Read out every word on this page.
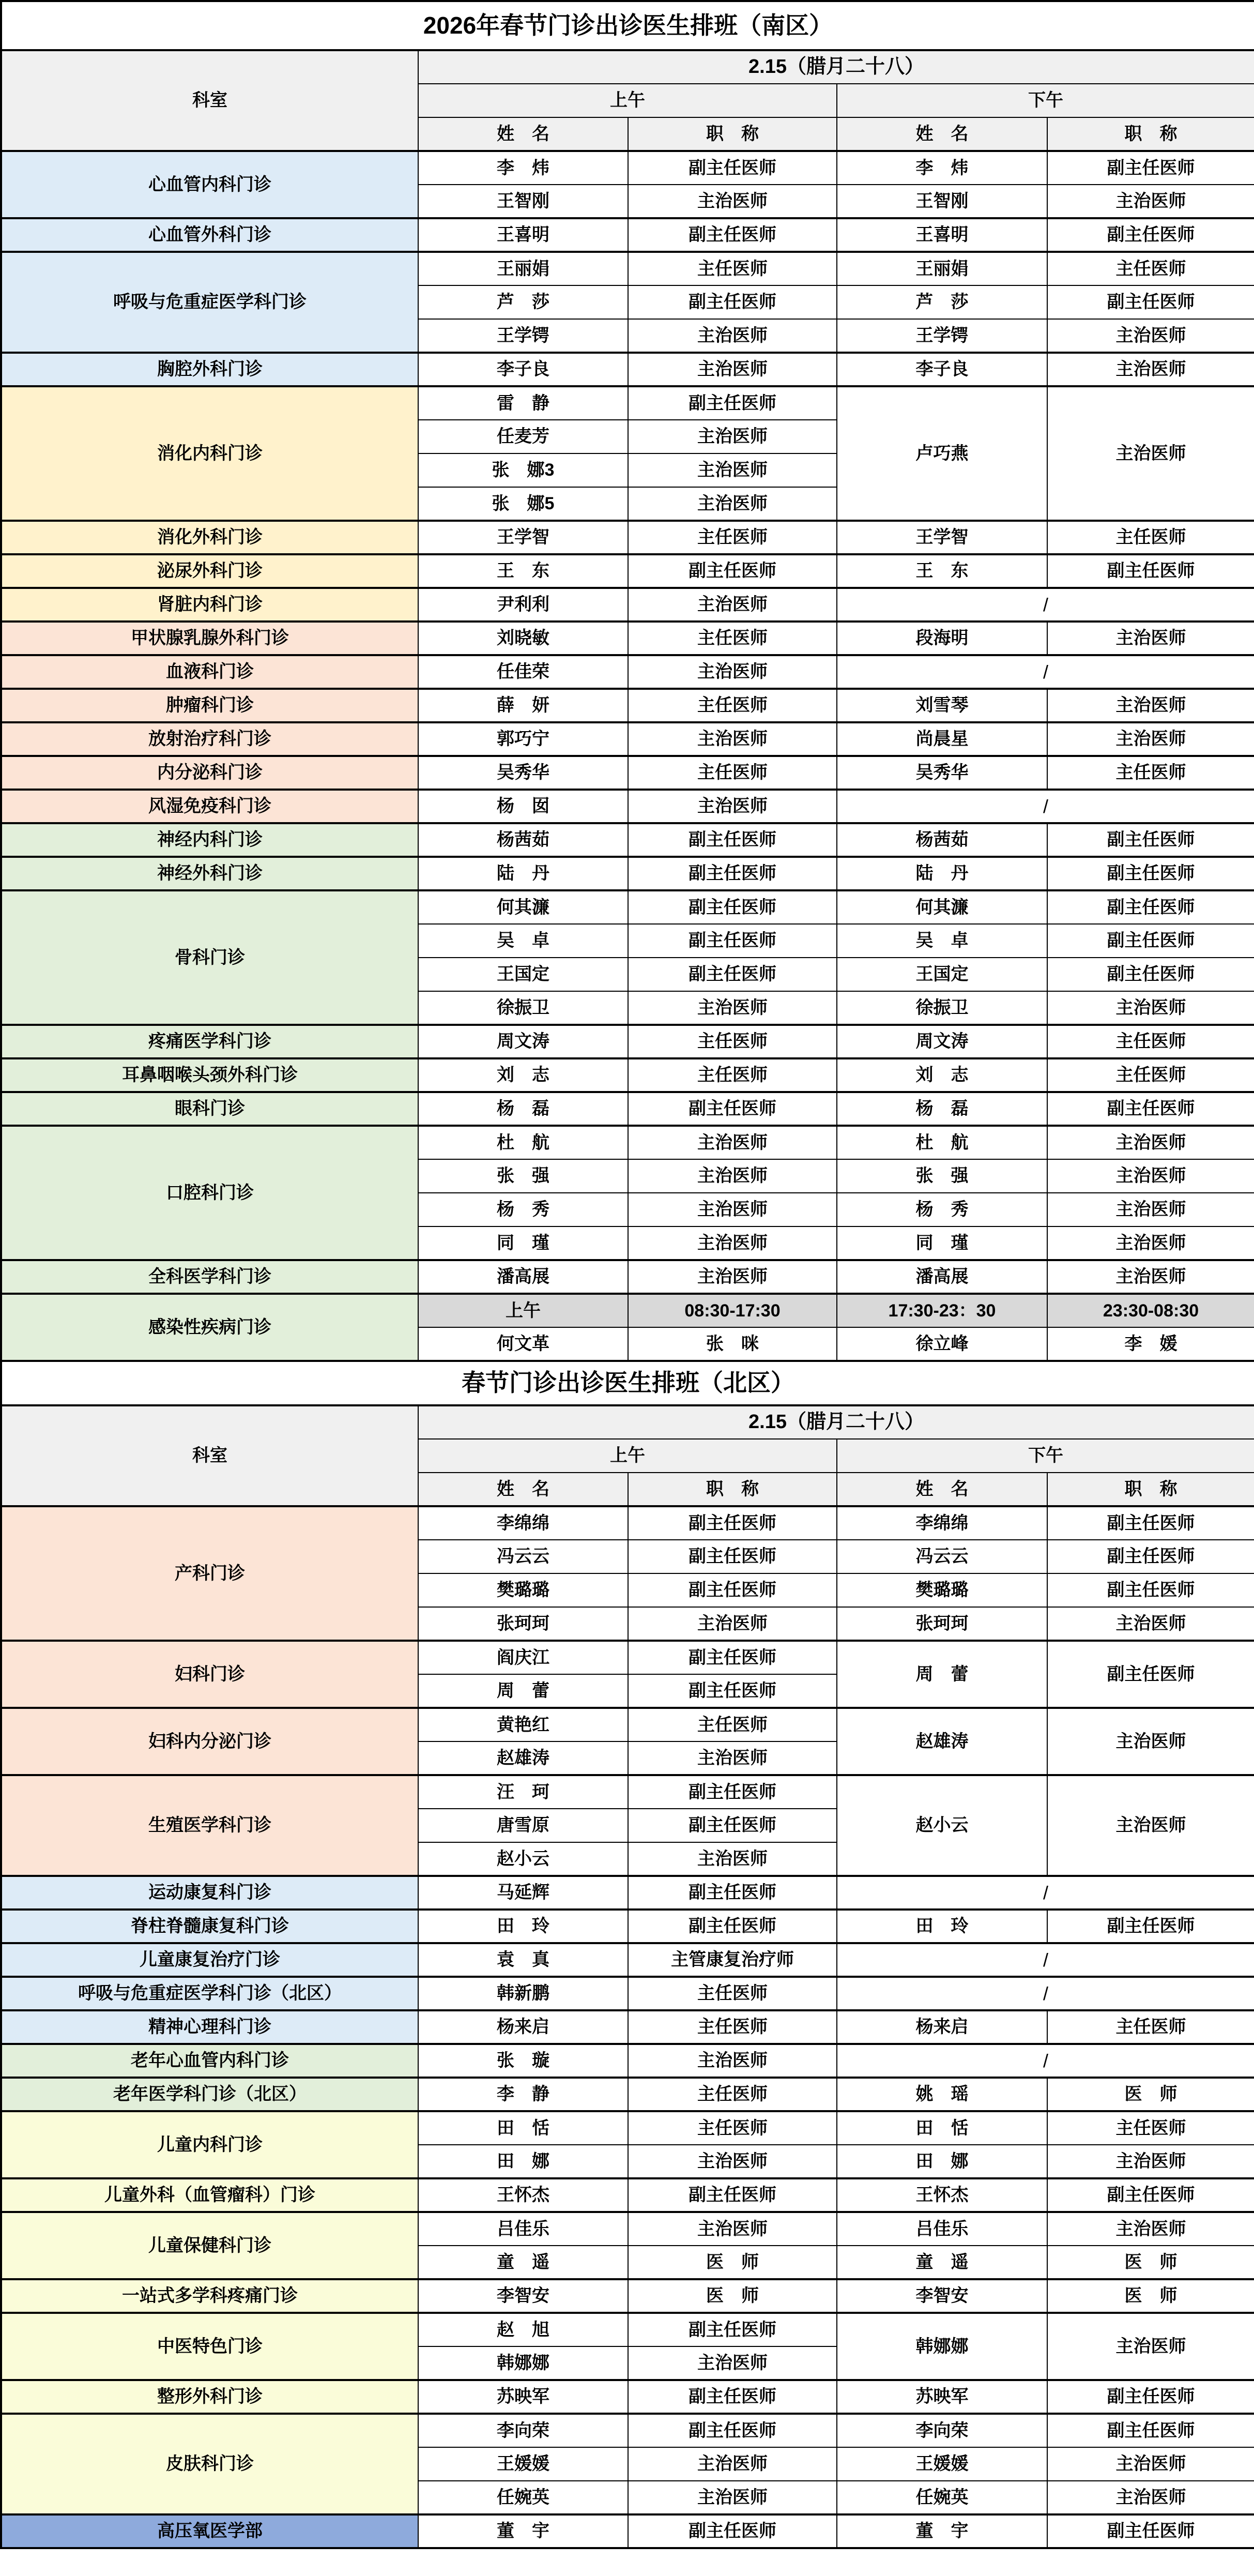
2026年春节门诊出诊医生排班（南区）				
科室	2.15（腊月二十八）			
	上午		下午	
	姓　名	职　称	姓　名	职　称
心血管内科门诊	李　炜	副主任医师	李　炜	副主任医师
	王智刚	主治医师	王智刚	主治医师
心血管外科门诊	王喜明	副主任医师	王喜明	副主任医师
呼吸与危重症医学科门诊	王丽娟	主任医师	王丽娟	主任医师
	芦　莎	副主任医师	芦　莎	副主任医师
	王学锷	主治医师	王学锷	主治医师
胸腔外科门诊	李子良	主治医师	李子良	主治医师
消化内科门诊	雷　静	副主任医师	卢巧燕	主治医师
	任麦芳	主治医师		
	张　娜3	主治医师		
	张　娜5	主治医师		
消化外科门诊	王学智	主任医师	王学智	主任医师
泌尿外科门诊	王　东	副主任医师	王　东	副主任医师
肾脏内科门诊	尹利利	主治医师	/	
甲状腺乳腺外科门诊	刘晓敏	主任医师	段海明	主治医师
血液科门诊	任佳荣	主治医师	/	
肿瘤科门诊	薛　妍	主任医师	刘雪琴	主治医师
放射治疗科门诊	郭巧宁	主治医师	尚晨星	主治医师
内分泌科门诊	吴秀华	主任医师	吴秀华	主任医师
风湿免疫科门诊	杨　囡	主治医师	/	
神经内科门诊	杨茜茹	副主任医师	杨茜茹	副主任医师
神经外科门诊	陆　丹	副主任医师	陆　丹	副主任医师
骨科门诊	何其濂	副主任医师	何其濂	副主任医师
	吴　卓	副主任医师	吴　卓	副主任医师
	王国定	副主任医师	王国定	副主任医师
	徐振卫	主治医师	徐振卫	主治医师
疼痛医学科门诊	周文涛	主任医师	周文涛	主任医师
耳鼻咽喉头颈外科门诊	刘　志	主任医师	刘　志	主任医师
眼科门诊	杨　磊	副主任医师	杨　磊	副主任医师
口腔科门诊	杜　航	主治医师	杜　航	主治医师
	张　强	主治医师	张　强	主治医师
	杨　秀	主治医师	杨　秀	主治医师
	同　瑾	主治医师	同　瑾	主治医师
全科医学科门诊	潘高展	主治医师	潘高展	主治医师
感染性疾病门诊	上午	08:30-17:30	17:30-23：30	23:30-08:30
	何文革	张　咪	徐立峰	李　媛
春节门诊出诊医生排班（北区）				
科室	2.15（腊月二十八）			
	上午		下午	
	姓　名	职　称	姓　名	职　称
产科门诊	李绵绵	副主任医师	李绵绵	副主任医师
	冯云云	副主任医师	冯云云	副主任医师
	樊璐璐	副主任医师	樊璐璐	副主任医师
	张珂珂	主治医师	张珂珂	主治医师
妇科门诊	阎庆江	副主任医师	周　蕾	副主任医师
	周　蕾	副主任医师		
妇科内分泌门诊	黄艳红	主任医师	赵雄涛	主治医师
	赵雄涛	主治医师		
生殖医学科门诊	汪　珂	副主任医师	赵小云	主治医师
	唐雪原	副主任医师		
	赵小云	主治医师		
运动康复科门诊	马延辉	副主任医师	/	
脊柱脊髓康复科门诊	田　玲	副主任医师	田　玲	副主任医师
儿童康复治疗门诊	袁　真	主管康复治疗师	/	
呼吸与危重症医学科门诊（北区）	韩新鹏	主任医师	/	
精神心理科门诊	杨来启	主任医师	杨来启	主任医师
老年心血管内科门诊	张　璇	主治医师	/	
老年医学科门诊（北区）	李　静	主任医师	姚　瑶	医　师
儿童内科门诊	田　恬	主任医师	田　恬	主任医师
	田　娜	主治医师	田　娜	主治医师
儿童外科（血管瘤科）门诊	王怀杰	副主任医师	王怀杰	副主任医师
儿童保健科门诊	吕佳乐	主治医师	吕佳乐	主治医师
	童　遥	医　师	童　遥	医　师
一站式多学科疼痛门诊	李智安	医　师	李智安	医　师
中医特色门诊	赵　旭	副主任医师	韩娜娜	主治医师
	韩娜娜	主治医师		
整形外科门诊	苏映军	副主任医师	苏映军	副主任医师
皮肤科门诊	李向荣	副主任医师	李向荣	副主任医师
	王媛媛	主治医师	王媛媛	主治医师
	任婉英	主治医师	任婉英	主治医师
高压氧医学部	董　宇	副主任医师	董　宇	副主任医师
